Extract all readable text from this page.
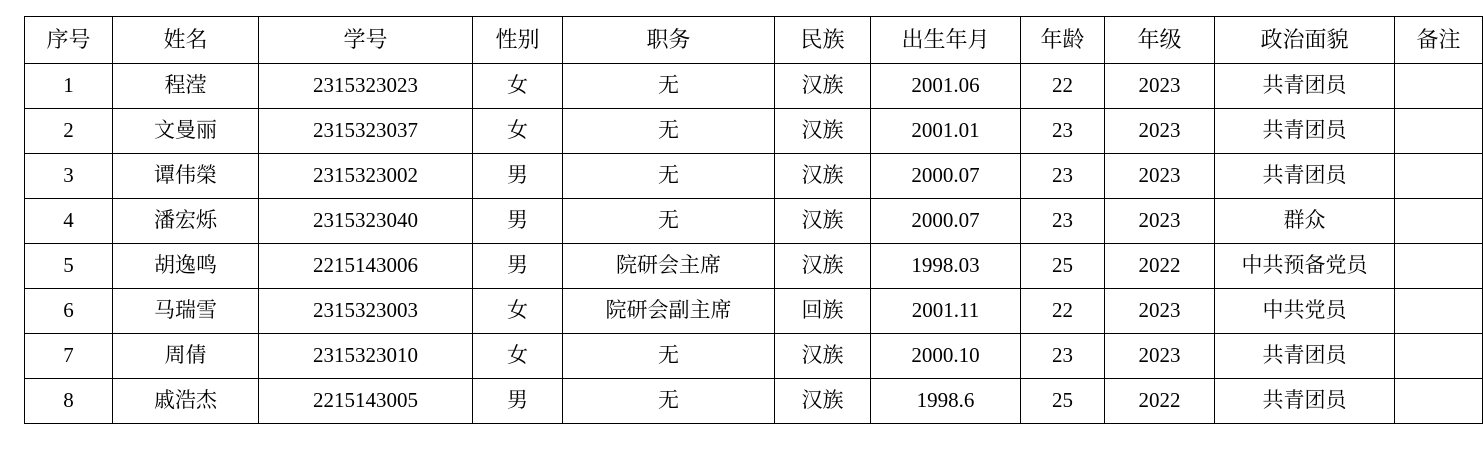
序号	姓名	学号	性别	职务	民族	出生年月	年龄	年级	政治面貌	备注
1	程滢	2315323023	女	无	汉族	2001.06	22	2023	共青团员	
2	文曼丽	2315323037	女	无	汉族	2001.01	23	2023	共青团员	
3	谭伟榮	2315323002	男	无	汉族	2000.07	23	2023	共青团员	
4	潘宏烁	2315323040	男	无	汉族	2000.07	23	2023	群众	
5	胡逸鸣	2215143006	男	院研会主席	汉族	1998.03	25	2022	中共预备党员	
6	马瑞雪	2315323003	女	院研会副主席	回族	2001.11	22	2023	中共党员	
7	周倩	2315323010	女	无	汉族	2000.10	23	2023	共青团员	
8	戚浩杰	2215143005	男	无	汉族	1998.6	25	2022	共青团员	
